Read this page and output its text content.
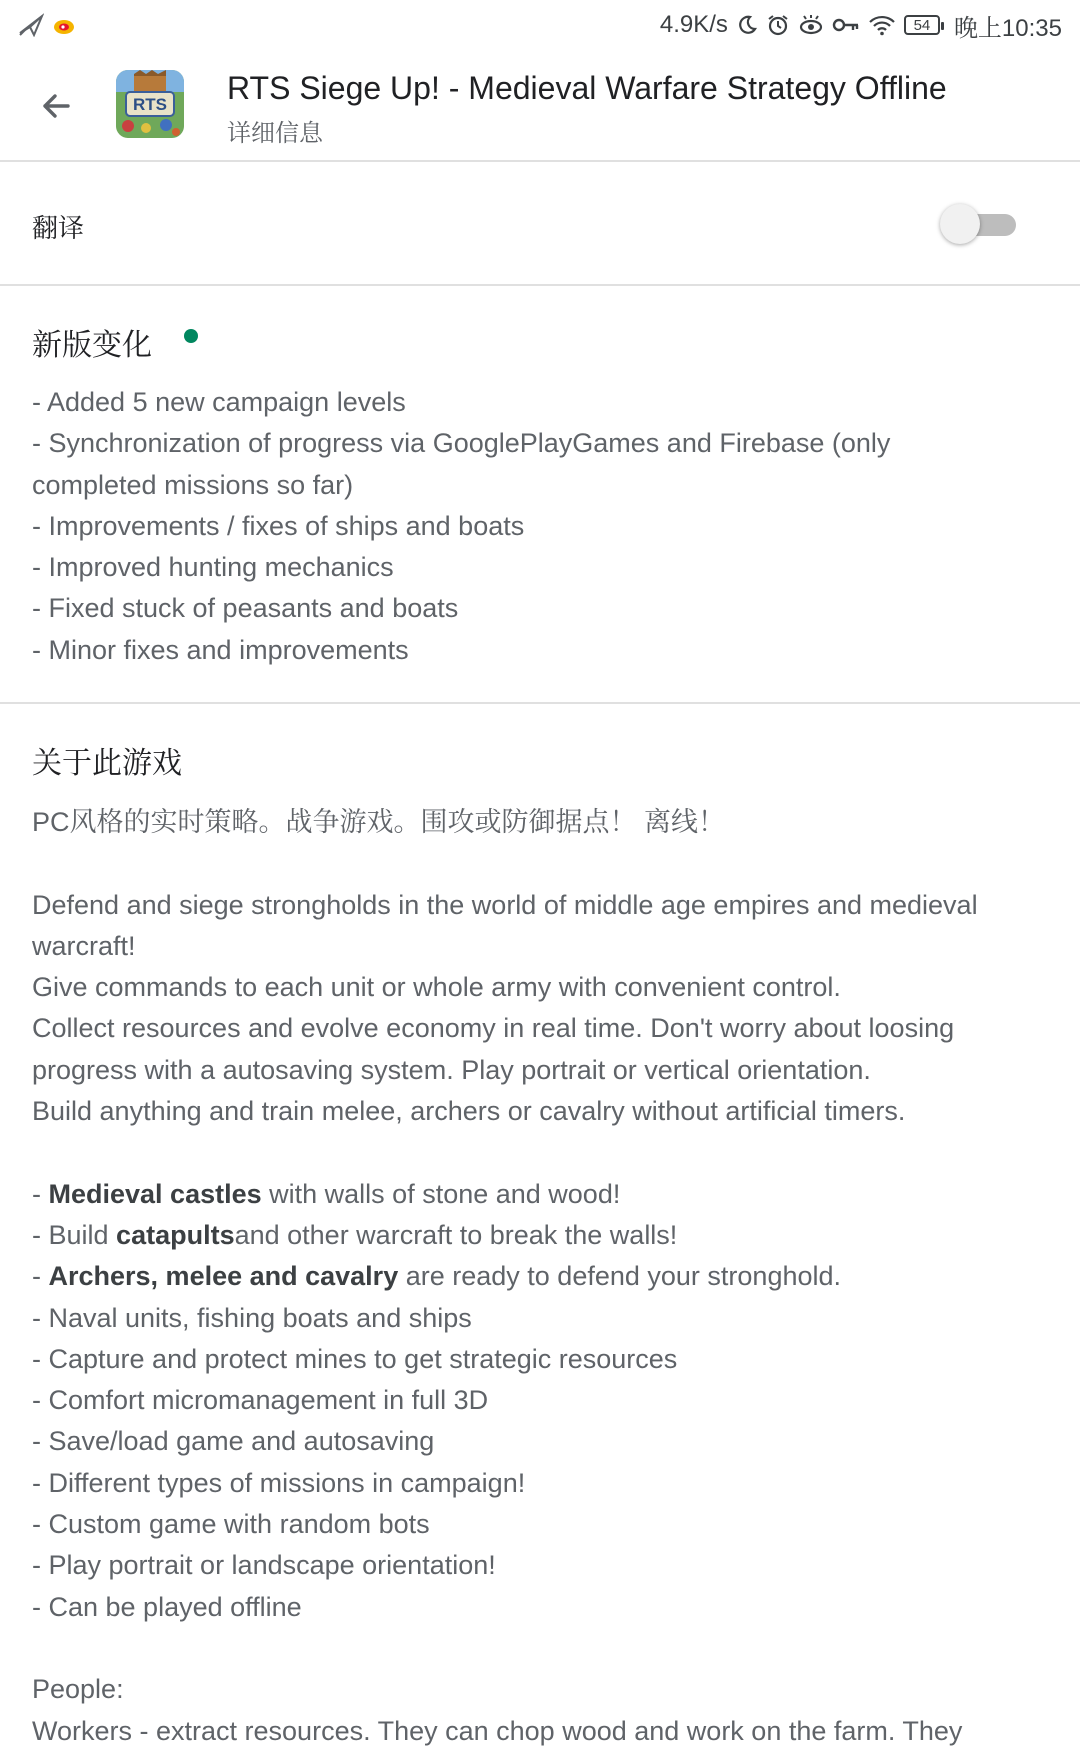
4.9K/s	54 晚上10:35
RTS RTS Siege Up! - Medieval Warfare Strategy Offline
详细信息
翻译
新版变化
- Added 5 new campaign levels
- Synchronization of progress via GooglePlayGames and Firebase (only
completed missions so far)
- Improvements / fixes of ships and boats
- Improved hunting mechanics
- Fixed stuck of peasants and boats
- Minor fixes and improvements
关于此游戏
PC风格的实时策略。战争游戏。围攻或防御据点！ 离线！
Defend and siege strongholds in the world of middle age empires and medieval
warcraft!
Give commands to each unit or whole army with convenient control.
Collect resources and evolve economy in real time. Don't worry about loosing
progress with a autosaving system. Play portrait or vertical orientation.
Build anything and train melee, archers or cavalry without artificial timers.
- Medieval castles with walls of stone and wood!
- Build catapultsand other warcraft to break the walls!
- Archers, melee and cavalry are ready to defend your stronghold.
- Naval units, fishing boats and ships
- Capture and protect mines to get strategic resources
- Comfort micromanagement in full 3D
- Save/load game and autosaving
- Different types of missions in campaign!
- Custom game with random bots
- Play portrait or landscape orientation!
- Can be played offline
People:
Workers - extract resources. They can chop wood and work on the farm. They
